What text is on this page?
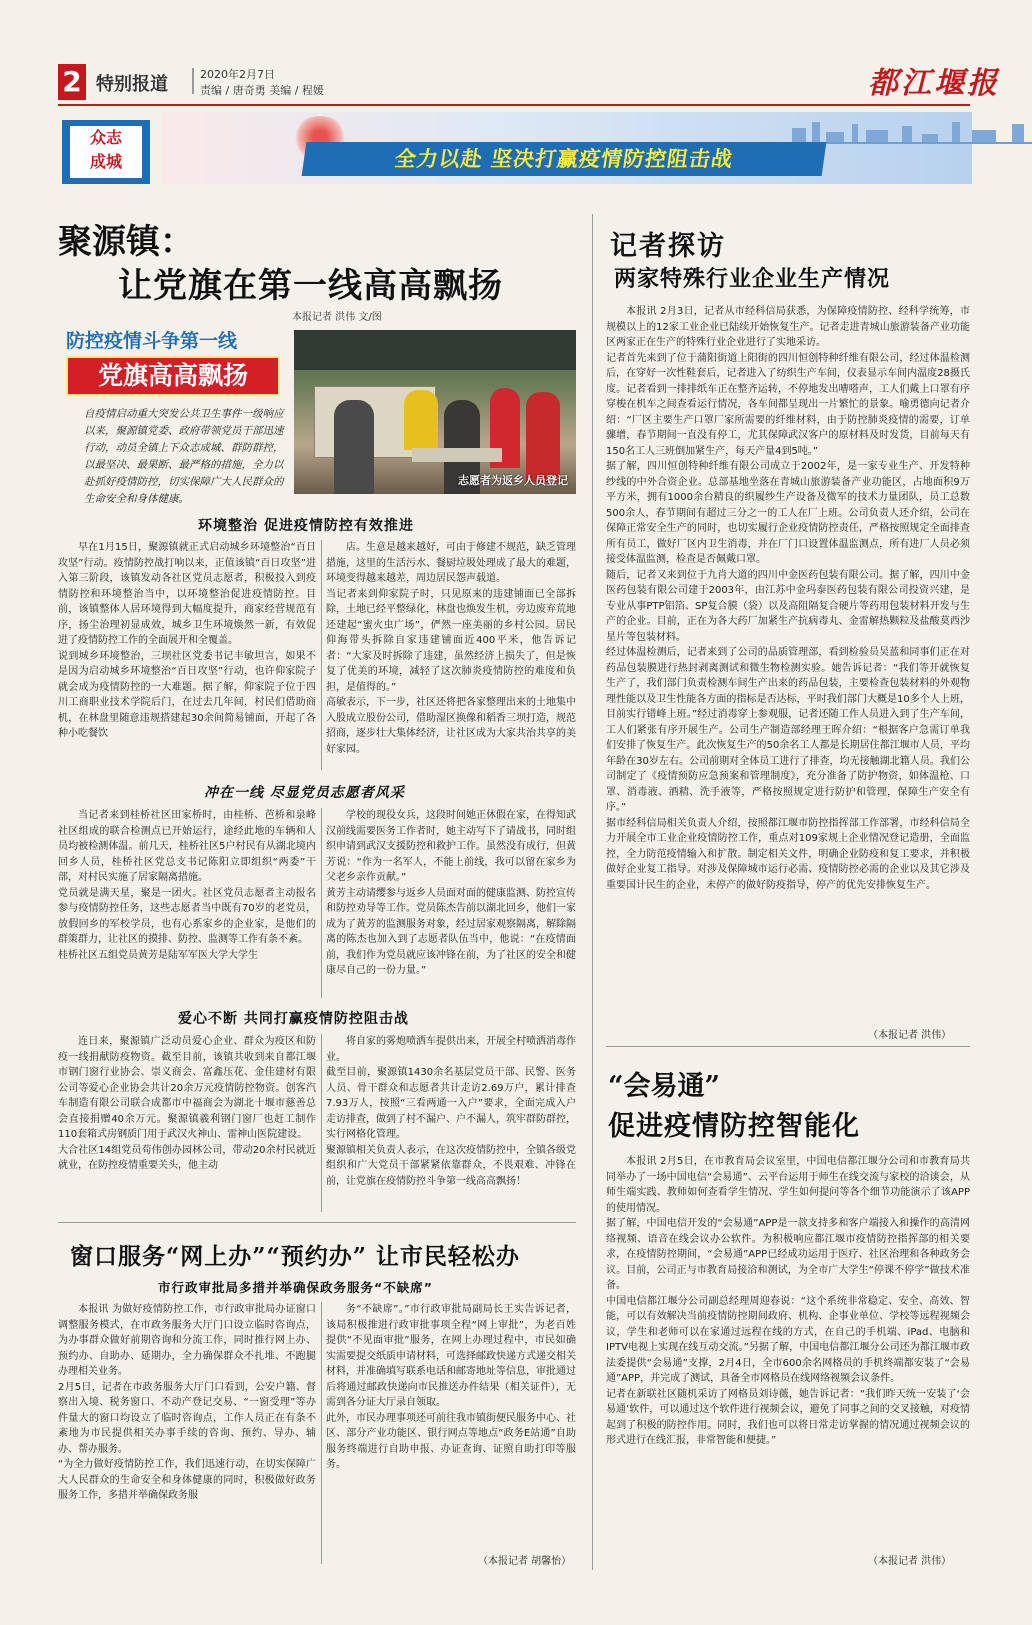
2 特别报道	2020年2月7日
责编 / 唐奇勇 美编 / 程媛	都江堰报
众志
成城	全力以赴 坚决打赢疫情防控阻击战
聚源镇：
让党旗在第一线高高飘扬
本报记者 洪伟 文/图
防控疫情斗争第一线
党旗高高飘扬
自疫情启动重大突发公共卫生事件一级响应以来，聚源镇党委、政府带领党员干部迅速行动，动员全镇上下众志成城、群防群控，以最坚决、最果断、最严格的措施，全力以赴抓好疫情防控，切实保障广大人民群众的生命安全和身体健康。
志愿者为返乡人员登记
环境整治 促进疫情防控有效推进
早在1月15日，聚源镇就正式启动城乡环境整治“百日攻坚”行动。疫情防控战打响以来，正值该镇“百日攻坚”进入第三阶段，该镇发动各社区党员志愿者，积极投入到疫情防控和环境整治当中，以环境整治促进疫情防控。目前，该镇整体人居环境得到大幅度提升，商家经营规范有序，扬尘治理初显成效，城乡卫生环境焕然一新，有效促进了疫情防控工作的全面展开和全覆盖。
说到城乡环境整治，三坝社区党委书记丰敏坦言，如果不是因为启动城乡环境整治“百日攻坚”行动，也许仰家院子就会成为疫情防控的一大难题。据了解，仰家院子位于四川工商职业技术学院后门，在过去几年间，村民们借助商机，在林盘里随意违规搭建起30余间简易铺面，开起了各种小吃餐饮
店。生意是越来越好，可由于修建不规范，缺乏管理措施，这里的生活污水、餐厨垃圾处理成了最大的难题，环境变得越来越差，周边居民怨声载道。
当记者来到仰家院子时，只见原来的违建铺面已全部拆除，土地已经平整绿化，林盘也焕发生机，旁边废弃荒地还建起“蜜火虫广场”，俨然一座美丽的乡村公园。居民仰海带头拆除自家违建铺面近400平米，他告诉记者：“大家及时拆除了违建，虽然经济上损失了，但是恢复了优美的环境，减轻了这次肺炎疫情防控的难度和负担，是值得的。”
高敏表示，下一步，社区还将把各家整理出来的土地集中入股成立股份公司，借助湿区换像和稻香三坝打造，规范招商，逐步壮大集体经济，让社区成为大家共治共享的美好家园。
冲在一线 尽显党员志愿者风采
当记者来到桂桥社区田家桥时，由桂桥、芭桥和泉峰社区组成的联合检测点已开始运行，途经此地的车辆和人员均被检测体温。前几天，桂桥社区5户村民有从湖北境内回乡人员，桂桥社区党总支书记陈阳立即组织“两委”干部，对村民实施了居家隔离措施。
党员就是满天星，聚是一团火。社区党员志愿者主动报名参与疫情防控任务，这些志愿者当中既有70岁的老党员，放假回乡的军校学员，也有心系家乡的企业家，是他们的群策群力，让社区的摸排、防控、监测等工作有条不紊。
桂桥社区五组党员黄芳是陆军军医大学大学生
学校的现役女兵，这段时间她正休假在家，在得知武汉前线需要医务工作者时，她主动写下了请战书，同时组织申请到武汉支援防控和救护工作。虽然没有成行，但黄芳说：“作为一名军人，不能上前线，我可以留在家乡为父老乡亲作贡献。”
黄芳主动请缨参与返乡人员面对面的健康监测、防控宣传和防控劝导等工作。党员陈杰告前以湖北回乡，他们一家成为了黄芳的监测服务对象，经过居家观察隔离，解除隔离的陈杰也加入到了志愿者队伍当中，他说：“在疫情面前，我们作为党员就应该冲锋在前，为了社区的安全和健康尽自己的一份力量。”
爱心不断 共同打赢疫情防控阻击战
连日来，聚源镇广泛动员爱心企业、群众为疫区和防疫一线捐献防疫物资。截至目前，该镇共收到来自都江堰市钢门窗行业协会、崇义商会、富鑫压花、金佳建材有限公司等爱心企业协会共计20余万元疫情防控物资。创客汽车制造有限公司联合成都市中福商会为湖北十堰市慈善总会直接捐赠40余万元。聚源镇羲利钢门窗厂也赶工制作110套箱式房钢质门用于武汉火神山、雷神山医院建设。
大合社区14组党员苟伟创办园林公司，带动20余村民就近就业，在防控疫情重要关头，他主动
将自家的雾炮喷洒车提供出来，开展全村喷洒消毒作业。
截至目前，聚源镇1430余名基层党员干部、民警、医务人员、骨干群众和志愿者共计走访2.69万户，累计排查7.93万人，按照“三看两通一入户”要求，全面完成入户走访排查，做到了村不漏户、户不漏人，筑牢群防群控，实行网格化管理。
聚源镇相关负责人表示，在这次疫情防控中，全镇各级党组织和广大党员干部紧紧依靠群众，不畏艰难、冲锋在前，让党旗在疫情防控斗争第一线高高飘扬！
窗口服务“网上办”“预约办” 让市民轻松办
市行政审批局多措并举确保政务服务“不缺席”
本报讯 为做好疫情防控工作，市行政审批局办证窗口调整服务模式，在市政务服务大厅门口设立临时咨询点，为办事群众做好前期咨询和分流工作，同时推行网上办、预约办、自助办、延期办，全力确保群众不扎堆、不跑腿办理相关业务。
2月5日，记者在市政务服务大厅门口看到，公安户籍、督察出入境、税务窗口、不动产登记交易、“一窗受理”等办件量大的窗口均设立了临时咨询点，工作人员正在有条不紊地为市民提供相关办事手续的咨询、预约、导办、辅办、帮办服务。
“为全力做好疫情防控工作，我们迅速行动，在切实保障广大人民群众的生命安全和身体健康的同时，积极做好政务服务工作，多措并举确保政务服
务“不缺席”。”市行政审批局副局长王实告诉记者，该局积极推进行政审批事项全程“网上审批”，为老百姓提供“不见面审批”服务，在网上办理过程中，市民如确实需要提交纸质申请材料，可选择邮政快递方式递交相关材料，并准确填写联系电话和邮寄地址等信息，审批通过后将通过邮政快递向市民推送办件结果（相关证件），无需到各分证大厅录自领取。
此外，市民办理事项还可前往我市镇街便民服务中心、社区、部分产业功能区、银行网点等地点“政务E站通”自助服务终端进行自助申报、办证查询、证照自助打印等服务。
（本报记者 胡馨怡）
记者探访
两家特殊行业企业生产情况
本报讯 2月3日，记者从市经科信局获悉，为保障疫情防控、经科学统筹，市规模以上的12家工业企业已陆续开始恢复生产。记者走进青城山旅游装备产业功能区两家正在生产的特殊行业企业进行了实地采访。
记者首先来到了位于蒲阳街道上阳街的四川恒创特种纤维有限公司，经过体温检测后，在穿好一次性鞋套后，记者进入了纺织生产车间，仪表显示车间内温度28摄氏度。记者看到一排排纸车正在整齐运转，不停地发出嘈嗒声，工人们戴上口罩有序穿梭在机车之间查看运行情况，各车间都呈现出一片繁忙的景象。喻勇德向记者介绍：“厂区主要生产口罩厂家所需要的纤维材料，由于防控肺炎疫情的需要，订单骤增，春节期间一直没有停工，尤其保障武汉客户的原材料及时发货，目前每天有150名工人三班倒加紧生产，每天产量4到5吨。”
据了解，四川恒创特种纤维有限公司成立于2002年，是一家专业生产、开发特种纱线的中外合资企业。总部基地坐落在青城山旅游装备产业功能区，占地面积9万平方米，拥有1000余台精良的织履纱生产设备及微军的技术力量团队，员工总数500余人，春节期间有超过三分之一的工人在厂上班。公司负责人还介绍，公司在保障正常安全生产的同时，也切实履行企业疫情防控责任，严格按照规定全面排查所有员工，做好厂区内卫生消毒，并在厂门口设置体温监测点，所有进厂人员必须接受体温监测，检查是否佩戴口罩。
随后，记者又来到位于九肖大道的四川中金医药包装有限公司。据了解，四川中金医药包装有限公司建于2003年，由江苏中金玛泰医药包装有限公司投资兴建，是专业从事PTP铝箔、SP复合膜（袋）以及高阻隔复合硬片等药用包装材料开发与生产的企业。目前，正在为各大药厂加紧生产抗病毒丸、金雷解热颗粒及盐酸莫西沙星片等包装材料。
经过体温检测后，记者来到了公司的品质管理部，看到检验员吴蓝和同事们正在对药品包装膜进行热封剥离测试和微生物检测实验。她告诉记者：“我们等开就恢复生产了，我们部门负责检测车间生产出来的药品包装，主要检查包装材料的外观物理性能以及卫生性能各方面的指标是否达标，平时我们部门大概是10多个人上班，目前实行错峰上班。”经过消毒穿上参观服，记者还随工作人员进入到了生产车间，工人们紧张有序开展生产。公司生产制造部经理王晖介绍：“根据客户急需订单我们安排了恢复生产。此次恢复生产的50余名工人都是长期居住都江堰市人员，平均年龄在30岁左右。公司前期对全体员工进行了排查，均无接触湖北籍人员。我们公司制定了《疫情预防应急预案和管理制度》，充分准备了防护物资，如体温枪、口罩、消毒液、酒精、洗手液等，严格按照规定进行防护和管理，保障生产安全有序。”
据市经科信局相关负责人介绍，按照都江堰市防控指挥部工作部署，市经科信局全力开展全市工业企业疫情防控工作，重点对109家规上企业情况登记造册，全面监控，全力防范疫情输入和扩散。制定相关文件，明确企业防疫和复工要求，并积极做好企业复工指导。对涉及保障城市运行必需、疫情防控必需的企业以及其它涉及重要国计民生的企业，未停产的做好防疫指导，停产的优先安排恢复生产。
（本报记者 洪伟）
“会易通”
促进疫情防控智能化
本报讯 2月5日，在市教育局会议室里，中国电信都江堰分公司和市教育局共同举办了一场中国电信“会易通”、云平台运用于师生在线交流与家校的洽谈会，从师生端实践、教师如何查看学生情况、学生如何提问等各个细节功能演示了该APP的使用情况。
据了解，中国电信开发的“会易通”APP是一款支持多和客户端接入和操作的高清网络视频、语音在线会议办公软件。为积极响应都江堰市疫情防控指挥部的相关要求，在疫情防控期间，“会易通”APP已经成功运用于医疗、社区治理和各种政务会议。目前，公司正与市教育局接洽和测试，为全市广大学生“停课不停学”做技术准备。
中国电信都江堰分公司副总经理周迎春说：“这个系统非常稳定、安全、高效、智能，可以有效解决当前疫情防控期间政府、机构、企事业单位、学校等远程视频会议，学生和老师可以在家通过远程在线的方式，在自己的手机端、iPad、电脑和IPTV电视上实现在线互动交流。”另据了解，中国电信都江堰分公司还为都江堰市政法委提供“会易通”支撑，2月4日，全市600余名网格员的手机终端都安装了“会易通”APP，并完成了测试，具备全市网格员在线网络视频会议条件。
记者在新联社区随机采访了网格员刘诗薇，她告诉记者：“我们昨天统一安装了‘会易通’软件，可以通过这个软件进行视频会议，避免了同事之间的交叉接触，对疫情起到了积极的防控作用。同时，我们也可以将日常走访掌握的情况通过视频会议的形式进行在线汇报，非常智能和便捷。”
（本报记者 洪伟）
